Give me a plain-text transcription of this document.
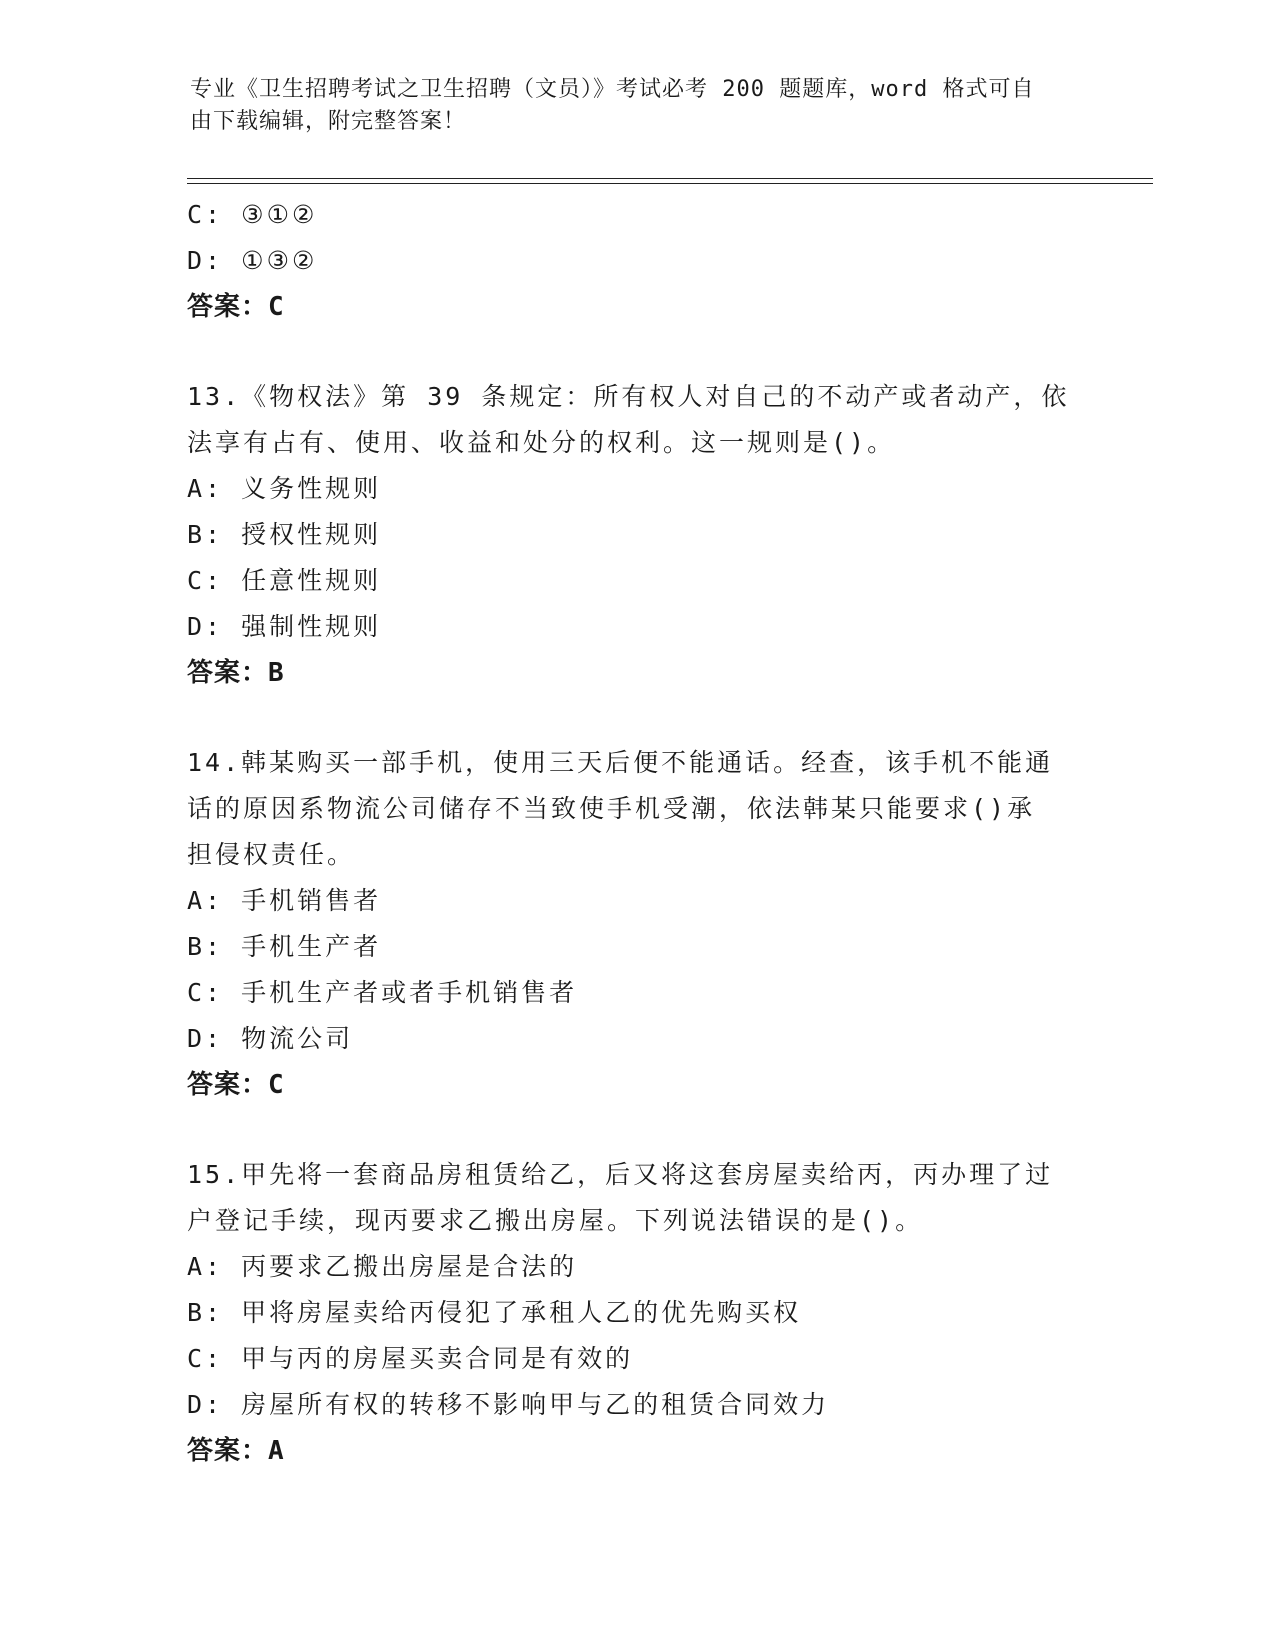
专业《卫生招聘考试之卫生招聘（文员）》考试必考 200 题题库，word 格式可自
由下载编辑，附完整答案！
C: ③①②
D: ①③②
答案：C
13.《物权法》第 39 条规定：所有权人对自己的不动产或者动产，依
法享有占有、使用、收益和处分的权利。这一规则是()。
A: 义务性规则
B: 授权性规则
C: 任意性规则
D: 强制性规则
答案：B
14.韩某购买一部手机，使用三天后便不能通话。经查，该手机不能通
话的原因系物流公司储存不当致使手机受潮，依法韩某只能要求()承
担侵权责任。
A: 手机销售者
B: 手机生产者
C: 手机生产者或者手机销售者
D: 物流公司
答案：C
15.甲先将一套商品房租赁给乙，后又将这套房屋卖给丙，丙办理了过
户登记手续，现丙要求乙搬出房屋。下列说法错误的是()。
A: 丙要求乙搬出房屋是合法的
B: 甲将房屋卖给丙侵犯了承租人乙的优先购买权
C: 甲与丙的房屋买卖合同是有效的
D: 房屋所有权的转移不影响甲与乙的租赁合同效力
答案：A
